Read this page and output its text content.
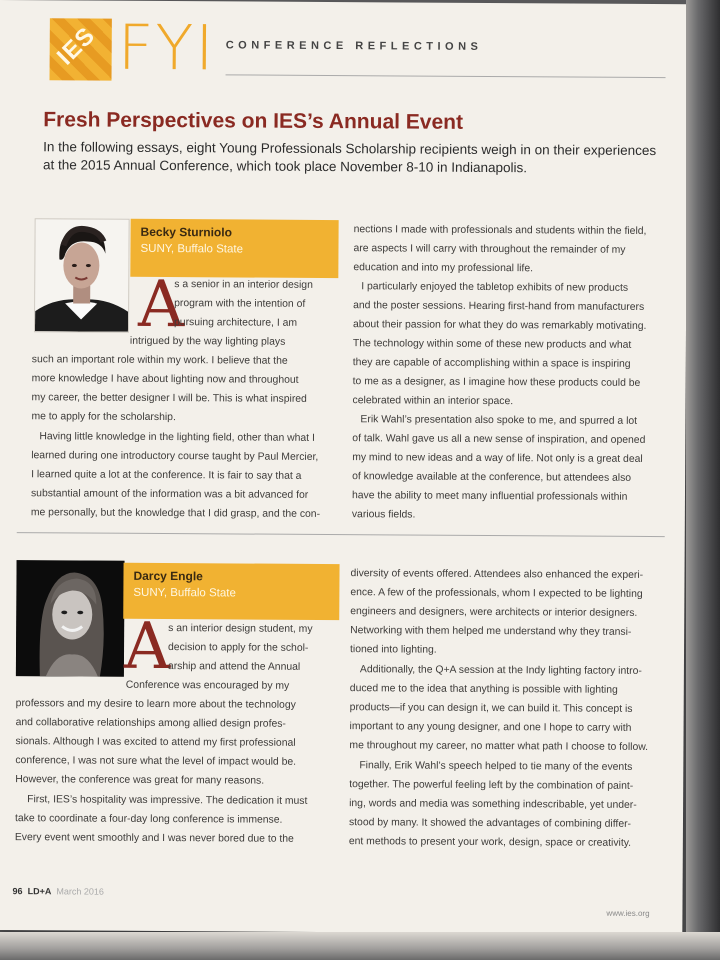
IES FYI CONFERENCE REFLECTIONS
Fresh Perspectives on IES’s Annual Event
In the following essays, eight Young Professionals Scholarship recipients weigh in on their experiences
at the 2015 Annual Conference, which took place November 8-10 in Indianapolis.
Becky Sturniolo
SUNY, Buffalo State
A
s a senior in an interior design
program with the intention of
pursuing architecture, I am
intrigued by the way lighting plays
such an important role within my work. I believe that the
more knowledge I have about lighting now and throughout
my career, the better designer I will be. This is what inspired
me to apply for the scholarship.
Having little knowledge in the lighting field, other than what I
learned during one introductory course taught by Paul Mercier,
I learned quite a lot at the conference. It is fair to say that a
substantial amount of the information was a bit advanced for
me personally, but the knowledge that I did grasp, and the con-
nections I made with professionals and students within the field,
are aspects I will carry with throughout the remainder of my
education and into my professional life.
I particularly enjoyed the tabletop exhibits of new products
and the poster sessions. Hearing first-hand from manufacturers
about their passion for what they do was remarkably motivating.
The technology within some of these new products and what
they are capable of accomplishing within a space is inspiring
to me as a designer, as I imagine how these products could be
celebrated within an interior space.
Erik Wahl’s presentation also spoke to me, and spurred a lot
of talk. Wahl gave us all a new sense of inspiration, and opened
my mind to new ideas and a way of life. Not only is a great deal
of knowledge available at the conference, but attendees also
have the ability to meet many influential professionals within
various fields.
Darcy Engle
SUNY, Buffalo State
A
s an interior design student, my
decision to apply for the schol-
arship and attend the Annual
Conference was encouraged by my
professors and my desire to learn more about the technology
and collaborative relationships among allied design profes-
sionals. Although I was excited to attend my first professional
conference, I was not sure what the level of impact would be.
However, the conference was great for many reasons.
First, IES’s hospitality was impressive. The dedication it must
take to coordinate a four-day long conference is immense.
Every event went smoothly and I was never bored due to the
diversity of events offered. Attendees also enhanced the experi-
ence. A few of the professionals, whom I expected to be lighting
engineers and designers, were architects or interior designers.
Networking with them helped me understand why they transi-
tioned into lighting.
Additionally, the Q+A session at the Indy lighting factory intro-
duced me to the idea that anything is possible with lighting
products—if you can design it, we can build it. This concept is
important to any young designer, and one I hope to carry with
me throughout my career, no matter what path I choose to follow.
Finally, Erik Wahl’s speech helped to tie many of the events
together. The powerful feeling left by the combination of paint-
ing, words and media was something indescribable, yet under-
stood by many. It showed the advantages of combining differ-
ent methods to present your work, design, space or creativity.
96 LD+A March 2016
www.ies.org
